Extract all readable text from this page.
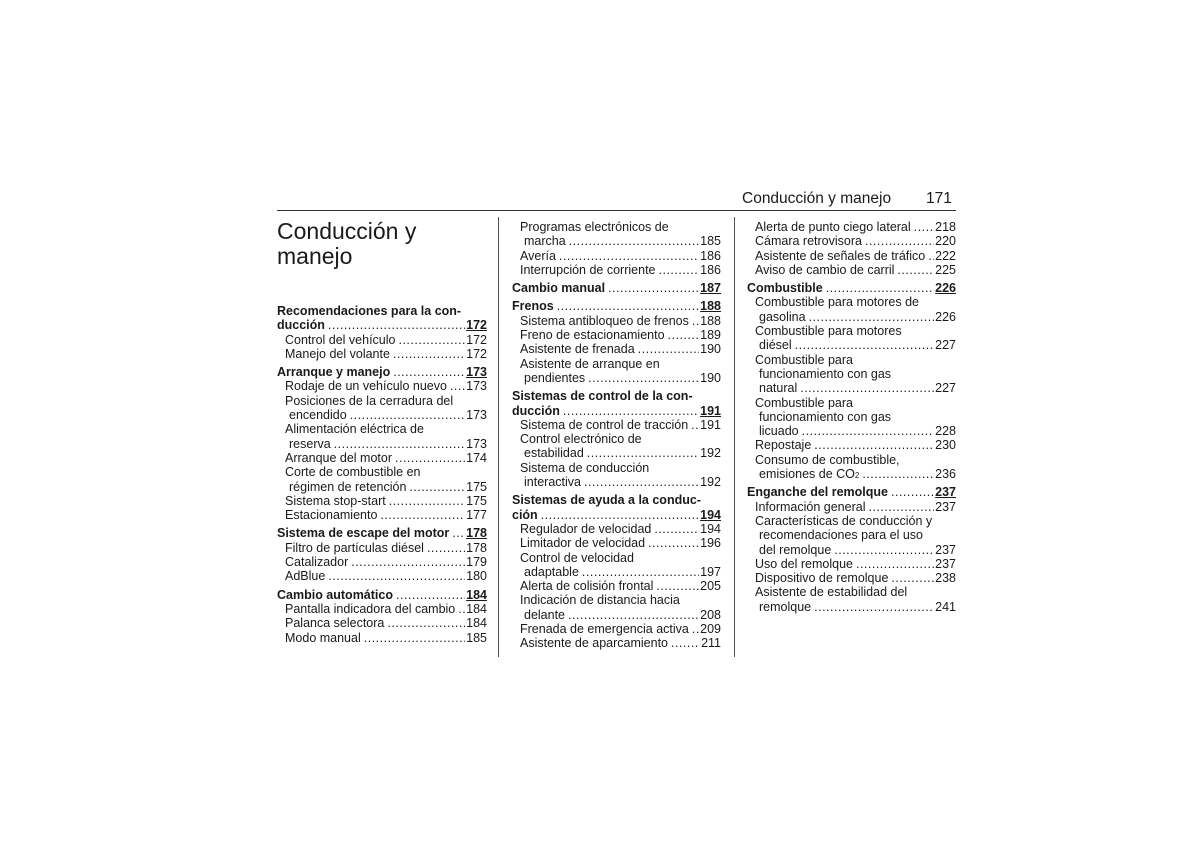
Conducción y manejo 171
Conducción y manejo
Recomendaciones para la con-
ducción .....	172
Control del vehículo .....	172
Manejo del volante .....	172
Arranque y manejo .....	173
Rodaje de un vehículo nuevo ..... 173
Posiciones de la cerradura del
encendido .....	173
Alimentación eléctrica de
reserva .....	173
Arranque del motor .....	174
Corte de combustible en
régimen de retención .....	175
Sistema stop-start .....	175
Estacionamiento .....	177
Sistema de escape del motor ..... 178
Filtro de partículas diésel .....	178
Catalizador .....	179
AdBlue .....	180
Cambio automático .....	184
Pantalla indicadora del cambio ..... 184
Palanca selectora .....	184
Modo manual .....	185
Programas electrónicos de
marcha .....	185
Avería .....	186
Interrupción de corriente .....	186
Cambio manual .....	187
Frenos .....	188
Sistema antibloqueo de frenos ..... 188
Freno de estacionamiento .....	189
Asistente de frenada .....	190
Asistente de arranque en
pendientes .....	190
Sistemas de control de la con-
ducción .....	191
Sistema de control de tracción ..... 191
Control electrónico de
estabilidad .....	192
Sistema de conducción
interactiva .....	192
Sistemas de ayuda a la conduc-
ción .....	194
Regulador de velocidad .....	194
Limitador de velocidad .....	196
Control de velocidad
adaptable .....	197
Alerta de colisión frontal .....	205
Indicación de distancia hacia
delante .....	208
Frenada de emergencia activa ..... 209
Asistente de aparcamiento .....	211
Alerta de punto ciego lateral ..... 218
Cámara retrovisora .....	220
Asistente de señales de tráfico ..... 222
Aviso de cambio de carril .....	225
Combustible .....	226
Combustible para motores de
gasolina .....	226
Combustible para motores
diésel .....	227
Combustible para
funcionamiento con gas
natural .....	227
Combustible para
funcionamiento con gas
licuado .....	228
Repostaje .....	230
Consumo de combustible,
emisiones de CO 2 .....	236
Enganche del remolque .....	237
Información general .....	237
Características de conducción y
recomendaciones para el uso
del remolque .....	237
Uso del remolque .....	237
Dispositivo de remolque .....	238
Asistente de estabilidad del
remolque .....	241
